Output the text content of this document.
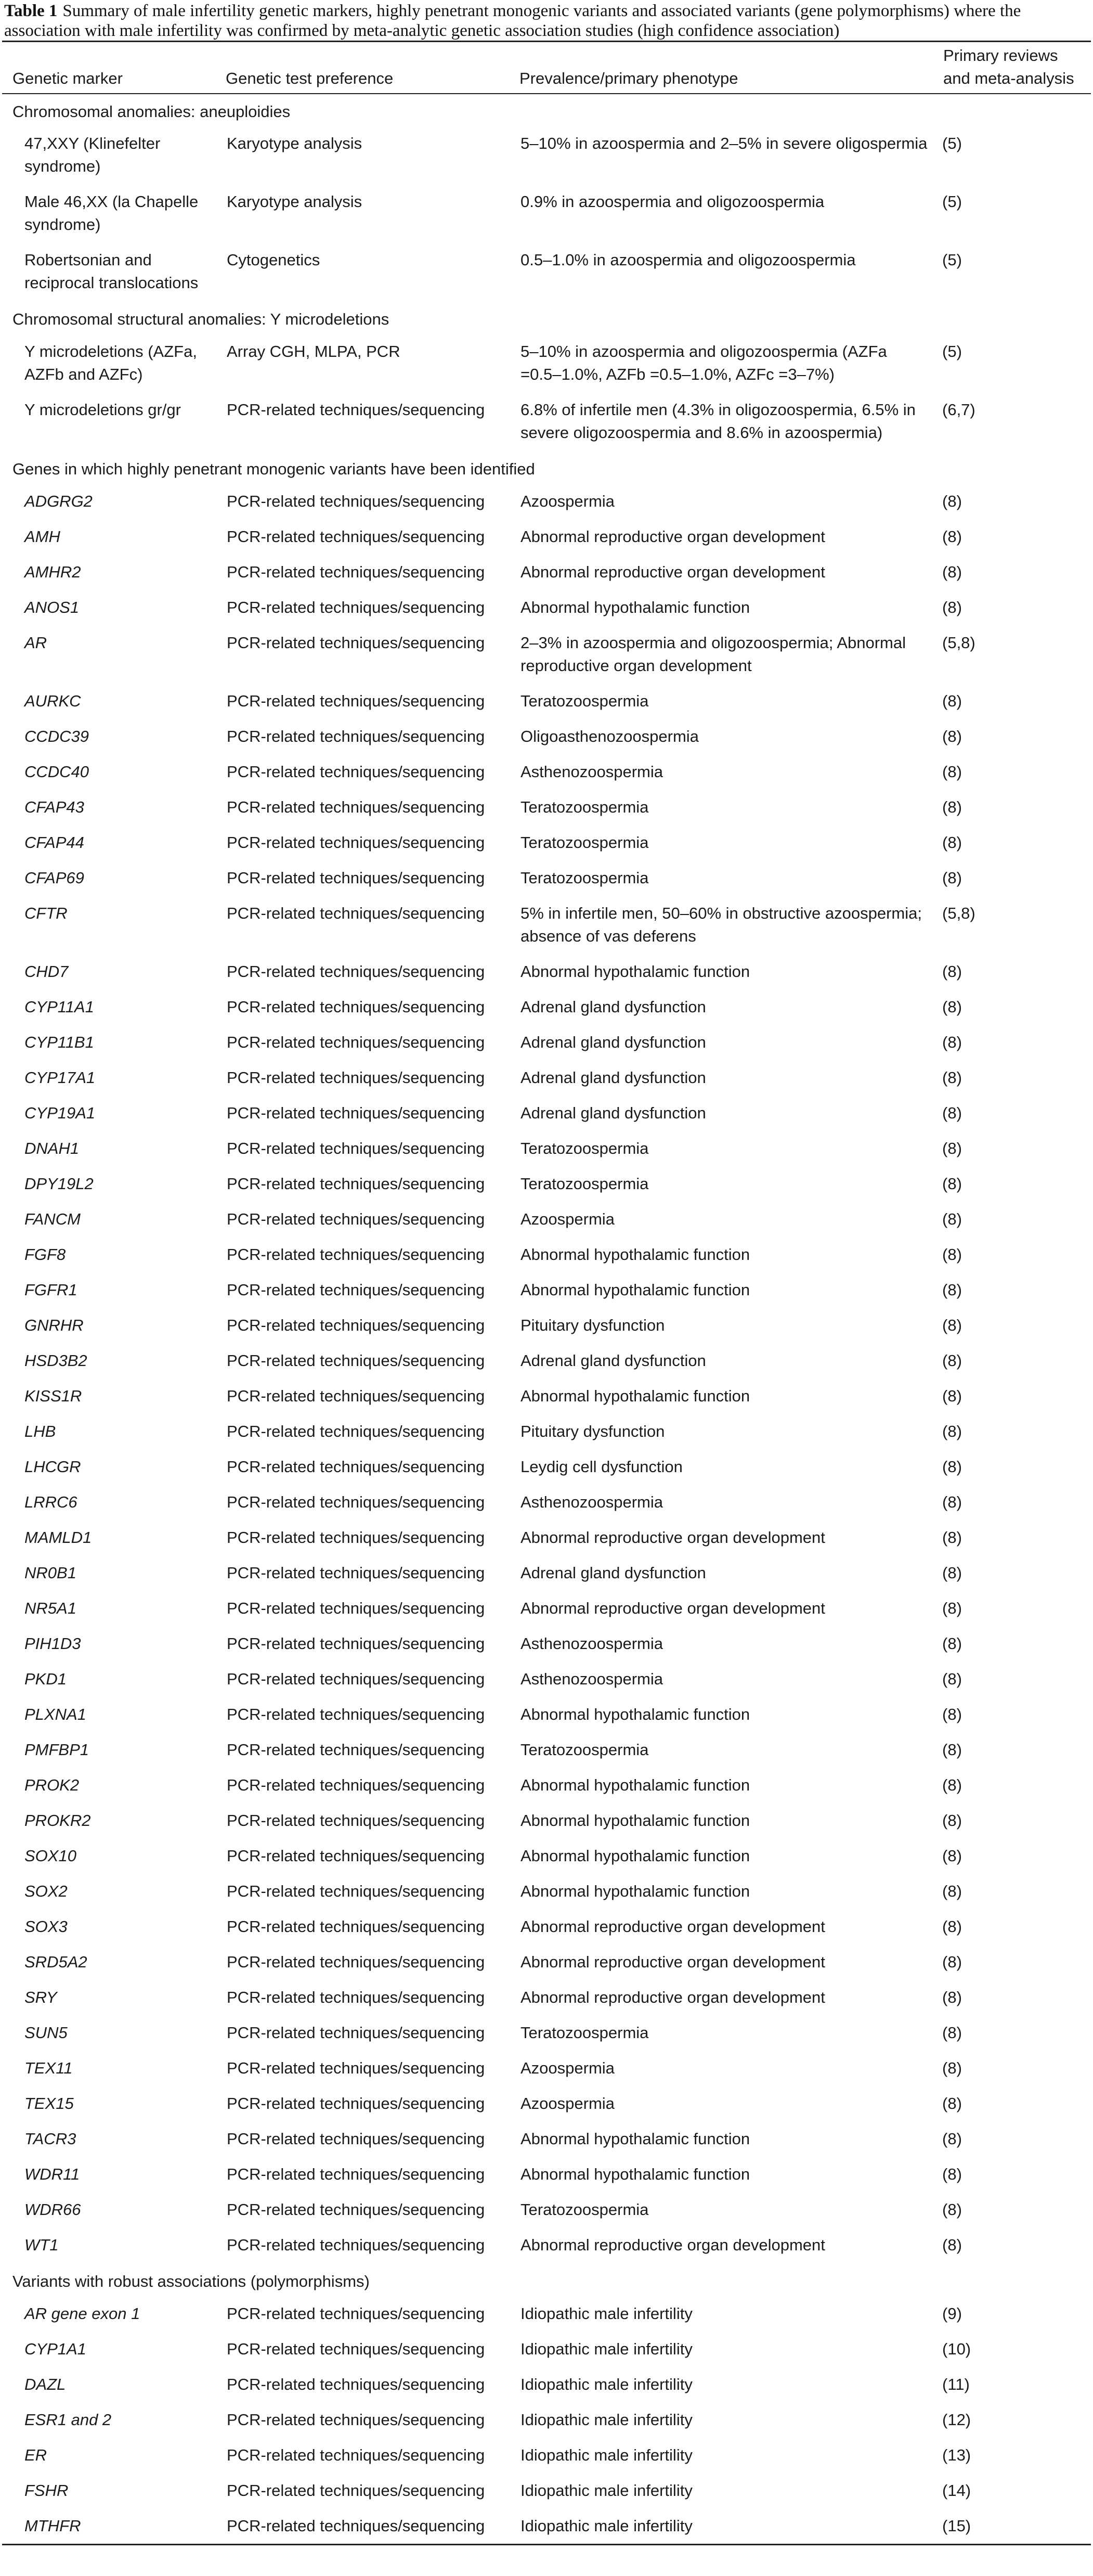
Table 1 Summary of male infertility genetic markers, highly penetrant monogenic variants and associated variants (gene polymorphisms) where the association with male infertility was confirmed by meta-analytic genetic association studies (high confidence association)

Genetic marker	Genetic test preference	Prevalence/primary phenotype	Primary reviews and meta-analysis
Chromosomal anomalies: aneuploidies			
47,XXY (Klinefelter syndrome)	Karyotype analysis	5–10% in azoospermia and 2–5% in severe oligospermia	(5)
Male 46,XX (la Chapelle syndrome)	Karyotype analysis	0.9% in azoospermia and oligozoospermia	(5)
Robertsonian and reciprocal translocations	Cytogenetics	0.5–1.0% in azoospermia and oligozoospermia	(5)
Chromosomal structural anomalies: Y microdeletions			
Y microdeletions (AZFa, AZFb and AZFc)	Array CGH, MLPA, PCR	5–10% in azoospermia and oligozoospermia (AZFa =0.5–1.0%, AZFb =0.5–1.0%, AZFc =3–7%)	(5)
Y microdeletions gr/gr	PCR-related techniques/sequencing	6.8% of infertile men (4.3% in oligozoospermia, 6.5% in severe oligozoospermia and 8.6% in azoospermia)	(6,7)
Genes in which highly penetrant monogenic variants have been identified			
ADGRG2	PCR-related techniques/sequencing	Azoospermia	(8)
AMH	PCR-related techniques/sequencing	Abnormal reproductive organ development	(8)
AMHR2	PCR-related techniques/sequencing	Abnormal reproductive organ development	(8)
ANOS1	PCR-related techniques/sequencing	Abnormal hypothalamic function	(8)
AR	PCR-related techniques/sequencing	2–3% in azoospermia and oligozoospermia; Abnormal reproductive organ development	(5,8)
AURKC	PCR-related techniques/sequencing	Teratozoospermia	(8)
CCDC39	PCR-related techniques/sequencing	Oligoasthenozoospermia	(8)
CCDC40	PCR-related techniques/sequencing	Asthenozoospermia	(8)
CFAP43	PCR-related techniques/sequencing	Teratozoospermia	(8)
CFAP44	PCR-related techniques/sequencing	Teratozoospermia	(8)
CFAP69	PCR-related techniques/sequencing	Teratozoospermia	(8)
CFTR	PCR-related techniques/sequencing	5% in infertile men, 50–60% in obstructive azoospermia; absence of vas deferens	(5,8)
CHD7	PCR-related techniques/sequencing	Abnormal hypothalamic function	(8)
CYP11A1	PCR-related techniques/sequencing	Adrenal gland dysfunction	(8)
CYP11B1	PCR-related techniques/sequencing	Adrenal gland dysfunction	(8)
CYP17A1	PCR-related techniques/sequencing	Adrenal gland dysfunction	(8)
CYP19A1	PCR-related techniques/sequencing	Adrenal gland dysfunction	(8)
DNAH1	PCR-related techniques/sequencing	Teratozoospermia	(8)
DPY19L2	PCR-related techniques/sequencing	Teratozoospermia	(8)
FANCM	PCR-related techniques/sequencing	Azoospermia	(8)
FGF8	PCR-related techniques/sequencing	Abnormal hypothalamic function	(8)
FGFR1	PCR-related techniques/sequencing	Abnormal hypothalamic function	(8)
GNRHR	PCR-related techniques/sequencing	Pituitary dysfunction	(8)
HSD3B2	PCR-related techniques/sequencing	Adrenal gland dysfunction	(8)
KISS1R	PCR-related techniques/sequencing	Abnormal hypothalamic function	(8)
LHB	PCR-related techniques/sequencing	Pituitary dysfunction	(8)
LHCGR	PCR-related techniques/sequencing	Leydig cell dysfunction	(8)
LRRC6	PCR-related techniques/sequencing	Asthenozoospermia	(8)
MAMLD1	PCR-related techniques/sequencing	Abnormal reproductive organ development	(8)
NR0B1	PCR-related techniques/sequencing	Adrenal gland dysfunction	(8)
NR5A1	PCR-related techniques/sequencing	Abnormal reproductive organ development	(8)
PIH1D3	PCR-related techniques/sequencing	Asthenozoospermia	(8)
PKD1	PCR-related techniques/sequencing	Asthenozoospermia	(8)
PLXNA1	PCR-related techniques/sequencing	Abnormal hypothalamic function	(8)
PMFBP1	PCR-related techniques/sequencing	Teratozoospermia	(8)
PROK2	PCR-related techniques/sequencing	Abnormal hypothalamic function	(8)
PROKR2	PCR-related techniques/sequencing	Abnormal hypothalamic function	(8)
SOX10	PCR-related techniques/sequencing	Abnormal hypothalamic function	(8)
SOX2	PCR-related techniques/sequencing	Abnormal hypothalamic function	(8)
SOX3	PCR-related techniques/sequencing	Abnormal reproductive organ development	(8)
SRD5A2	PCR-related techniques/sequencing	Abnormal reproductive organ development	(8)
SRY	PCR-related techniques/sequencing	Abnormal reproductive organ development	(8)
SUN5	PCR-related techniques/sequencing	Teratozoospermia	(8)
TEX11	PCR-related techniques/sequencing	Azoospermia	(8)
TEX15	PCR-related techniques/sequencing	Azoospermia	(8)
TACR3	PCR-related techniques/sequencing	Abnormal hypothalamic function	(8)
WDR11	PCR-related techniques/sequencing	Abnormal hypothalamic function	(8)
WDR66	PCR-related techniques/sequencing	Teratozoospermia	(8)
WT1	PCR-related techniques/sequencing	Abnormal reproductive organ development	(8)
Variants with robust associations (polymorphisms)			
AR gene exon 1	PCR-related techniques/sequencing	Idiopathic male infertility	(9)
CYP1A1	PCR-related techniques/sequencing	Idiopathic male infertility	(10)
DAZL	PCR-related techniques/sequencing	Idiopathic male infertility	(11)
ESR1 and 2	PCR-related techniques/sequencing	Idiopathic male infertility	(12)
ER	PCR-related techniques/sequencing	Idiopathic male infertility	(13)
FSHR	PCR-related techniques/sequencing	Idiopathic male infertility	(14)
MTHFR	PCR-related techniques/sequencing	Idiopathic male infertility	(15)
